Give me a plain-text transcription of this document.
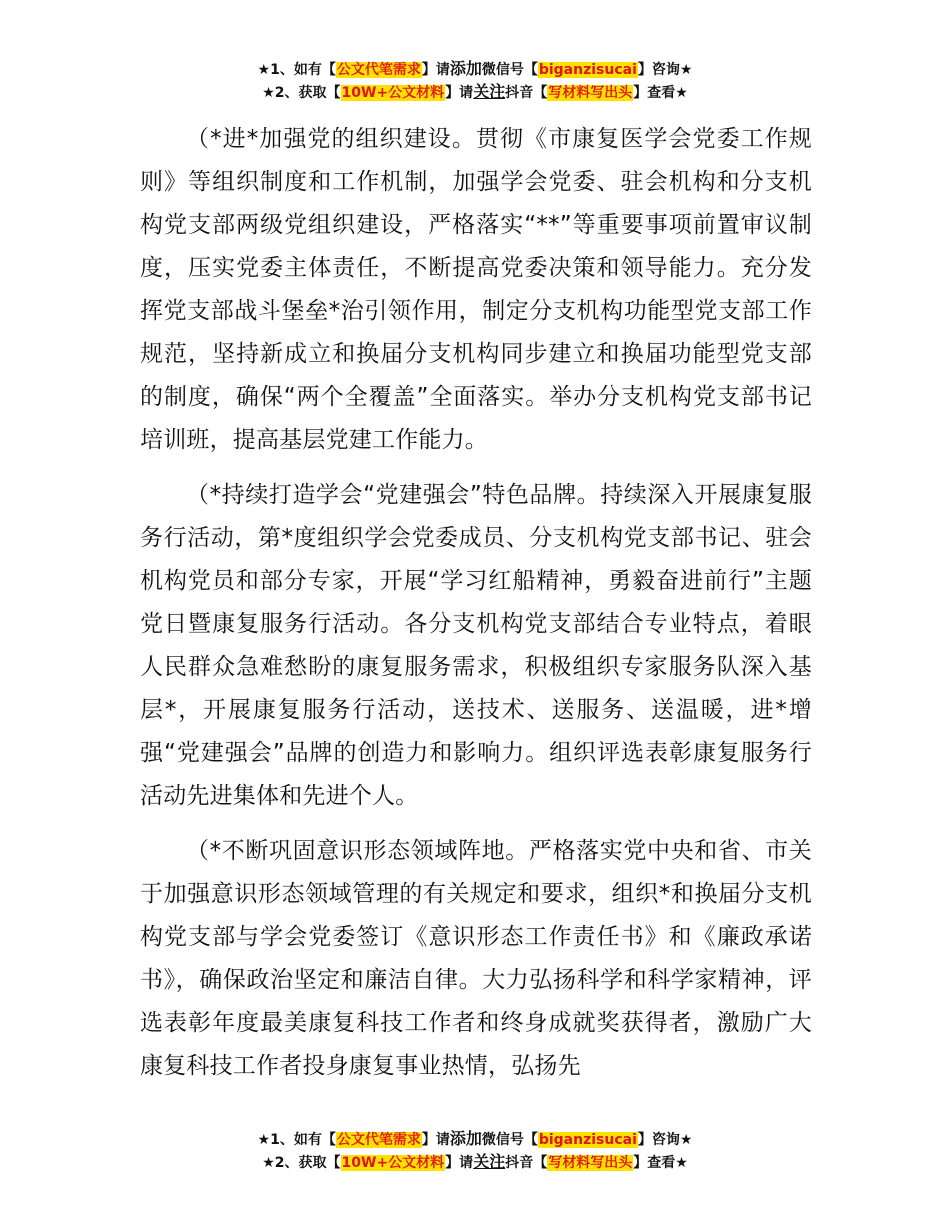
★1、如有【公文代笔需求】请添加微信号【biganzisucai】咨询★
★2、获取【10W+公文材料】请关注抖音【写材料写出头】查看★

（*进*加强党的组织建设。贯彻《市康复医学会党委工作规则》等组织制度和工作机制，加强学会党委、驻会机构和分支机构党支部两级党组织建设，严格落实“**”等重要事项前置审议制度，压实党委主体责任，不断提高党委决策和领导能力。充分发挥党支部战斗堡垒*治引领作用，制定分支机构功能型党支部工作规范，坚持新成立和换届分支机构同步建立和换届功能型党支部的制度，确保“两个全覆盖”全面落实。举办分支机构党支部书记培训班，提高基层党建工作能力。

（*持续打造学会“党建强会”特色品牌。持续深入开展康复服务行活动，第*度组织学会党委成员、分支机构党支部书记、驻会机构党员和部分专家，开展“学习红船精神，勇毅奋进前行”主题党日暨康复服务行活动。各分支机构党支部结合专业特点，着眼人民群众急难愁盼的康复服务需求，积极组织专家服务队深入基层*，开展康复服务行活动，送技术、送服务、送温暖，进*增强“党建强会”品牌的创造力和影响力。组织评选表彰康复服务行活动先进集体和先进个人。

（*不断巩固意识形态领域阵地。严格落实党中央和省、市关于加强意识形态领域管理的有关规定和要求，组织*和换届分支机构党支部与学会党委签订《意识形态工作责任书》和《廉政承诺书》，确保政治坚定和廉洁自律。大力弘扬科学和科学家精神，评选表彰年度最美康复科技工作者和终身成就奖获得者，激励广大康复科技工作者投身康复事业热情，弘扬先

★1、如有【公文代笔需求】请添加微信号【biganzisucai】咨询★
★2、获取【10W+公文材料】请关注抖音【写材料写出头】查看★
